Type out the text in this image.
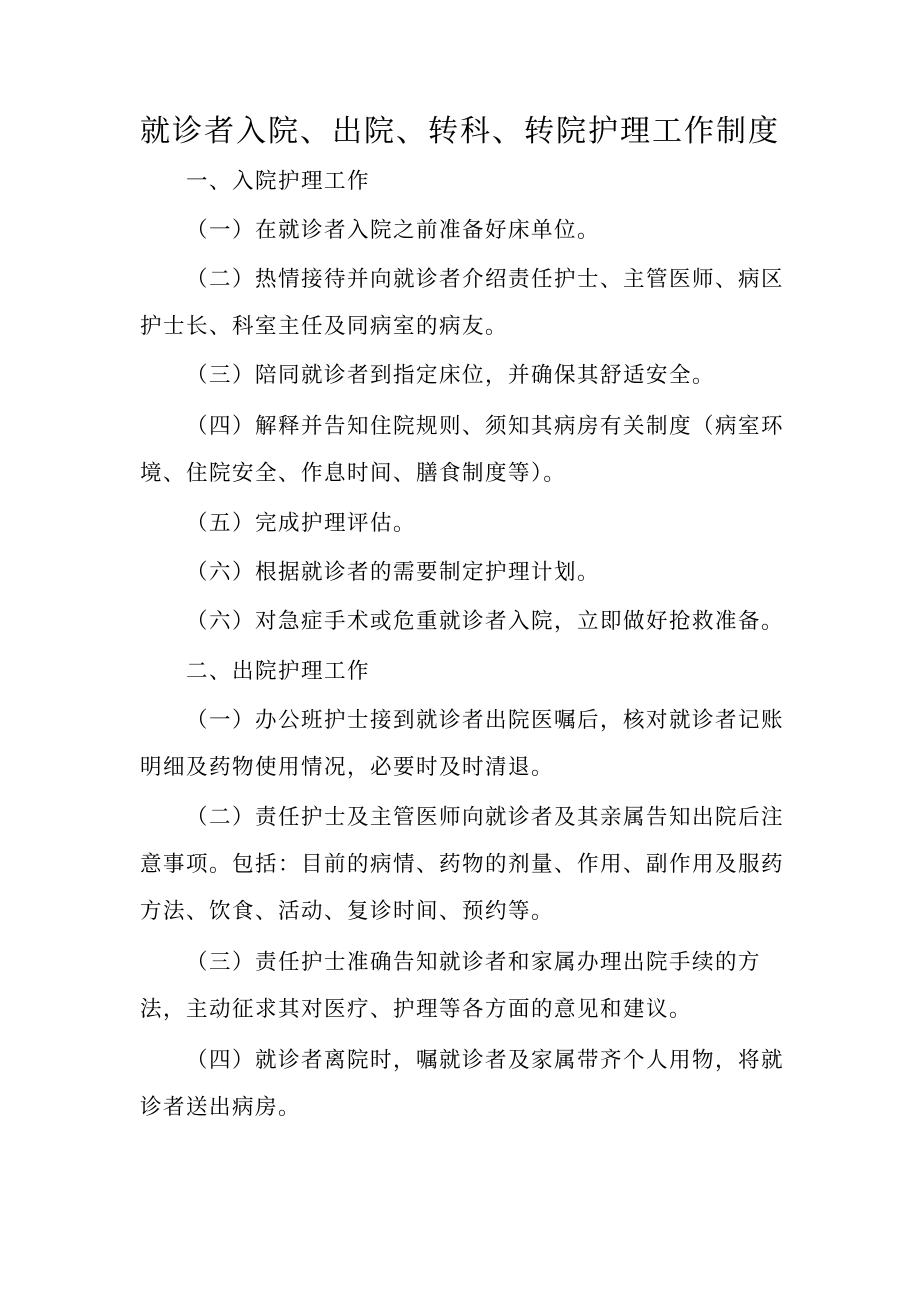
就诊者入院、出院、转科、转院护理工作制度

一、入院护理工作

（一）在就诊者入院之前准备好床单位。

（二）热情接待并向就诊者介绍责任护士、主管医师、病区护士长、科室主任及同病室的病友。

（三）陪同就诊者到指定床位，并确保其舒适安全。

（四）解释并告知住院规则、须知其病房有关制度（病室环境、住院安全、作息时间、膳食制度等）。

（五）完成护理评估。

（六）根据就诊者的需要制定护理计划。

（六）对急症手术或危重就诊者入院，立即做好抢救准备。

二、出院护理工作

（一）办公班护士接到就诊者出院医嘱后，核对就诊者记账明细及药物使用情况，必要时及时清退。

（二）责任护士及主管医师向就诊者及其亲属告知出院后注意事项。包括：目前的病情、药物的剂量、作用、副作用及服药方法、饮食、活动、复诊时间、预约等。

（三）责任护士准确告知就诊者和家属办理出院手续的方法，主动征求其对医疗、护理等各方面的意见和建议。

（四）就诊者离院时，嘱就诊者及家属带齐个人用物，将就诊者送出病房。
